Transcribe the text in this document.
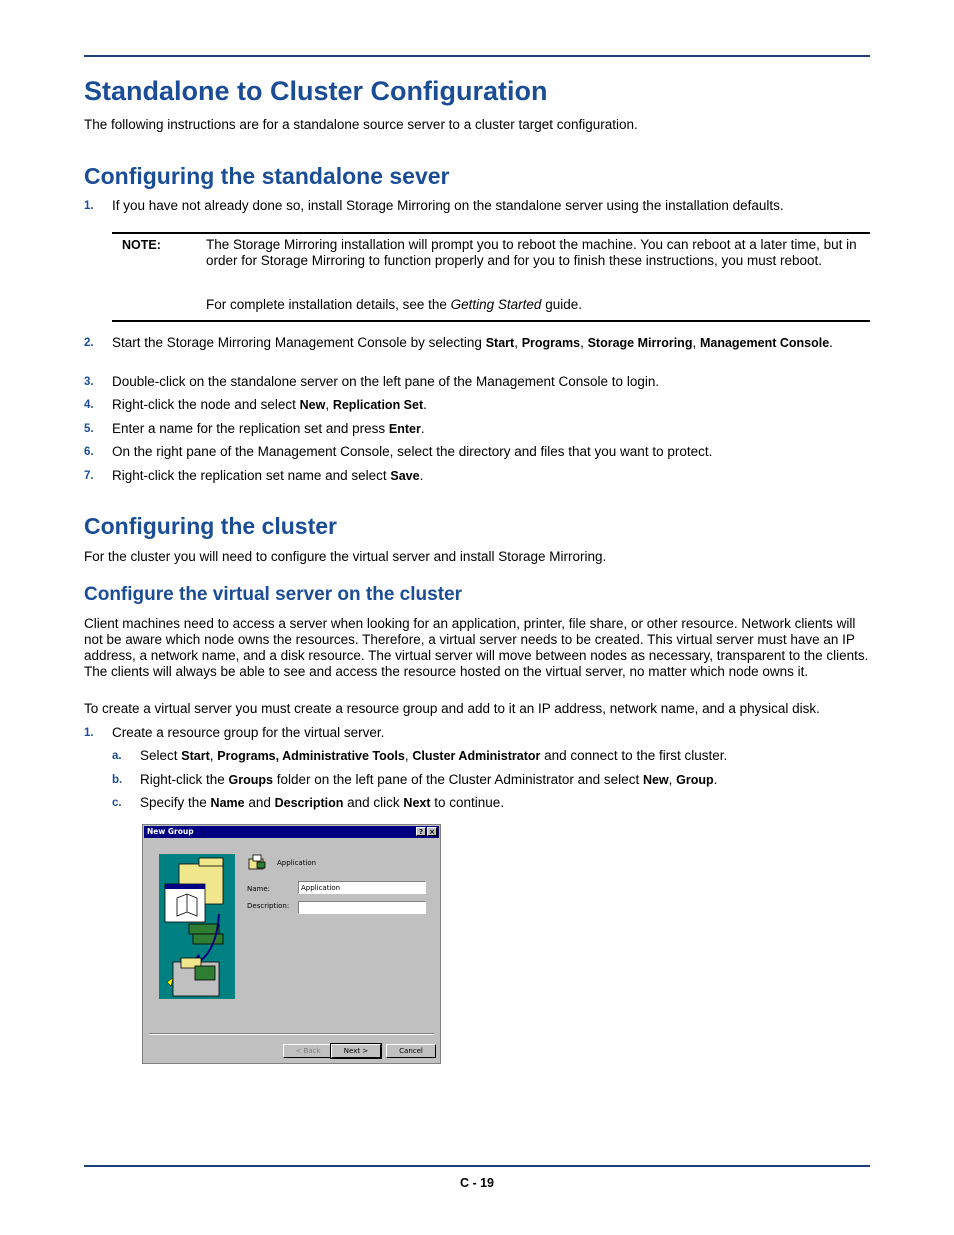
Standalone to Cluster Configuration

The following instructions are for a standalone source server to a cluster target configuration.

Configuring the standalone sever
1. If you have not already done so, install Storage Mirroring on the standalone server using the installation defaults.
NOTE:	The Storage Mirroring installation will prompt you to reboot the machine. You can reboot at a later time, but in order for Storage Mirroring to function properly and for you to finish these instructions, you must reboot.
For complete installation details, see the Getting Started guide.
2. Start the Storage Mirroring Management Console by selecting Start, Programs, Storage Mirroring, Management Console.
3. Double-click on the standalone server on the left pane of the Management Console to login.
4. Right-click the node and select New, Replication Set.
5. Enter a name for the replication set and press Enter.
6. On the right pane of the Management Console, select the directory and files that you want to protect.
7. Right-click the replication set name and select Save.
Configuring the cluster

For the cluster you will need to configure the virtual server and install Storage Mirroring.

Configure the virtual server on the cluster

Client machines need to access a server when looking for an application, printer, file share, or other resource. Network clients will not be aware which node owns the resources. Therefore, a virtual server needs to be created. This virtual server must have an IP address, a network name, and a disk resource. The virtual server will move between nodes as necessary, transparent to the clients. The clients will always be able to see and access the resource hosted on the virtual server, no matter which node owns it.

To create a virtual server you must create a resource group and add to it an IP address, network name, and a physical disk.

1. Create a resource group for the virtual server.
a. Select Start, Programs, Administrative Tools, Cluster Administrator and connect to the first cluster.
b. Right-click the Groups folder on the left pane of the Cluster Administrator and select New, Group.
c. Specify the Name and Description and click Next to continue.
New Group	? ×
Application
Name:	Application
Description:
< Back	Next >	Cancel
C - 19
